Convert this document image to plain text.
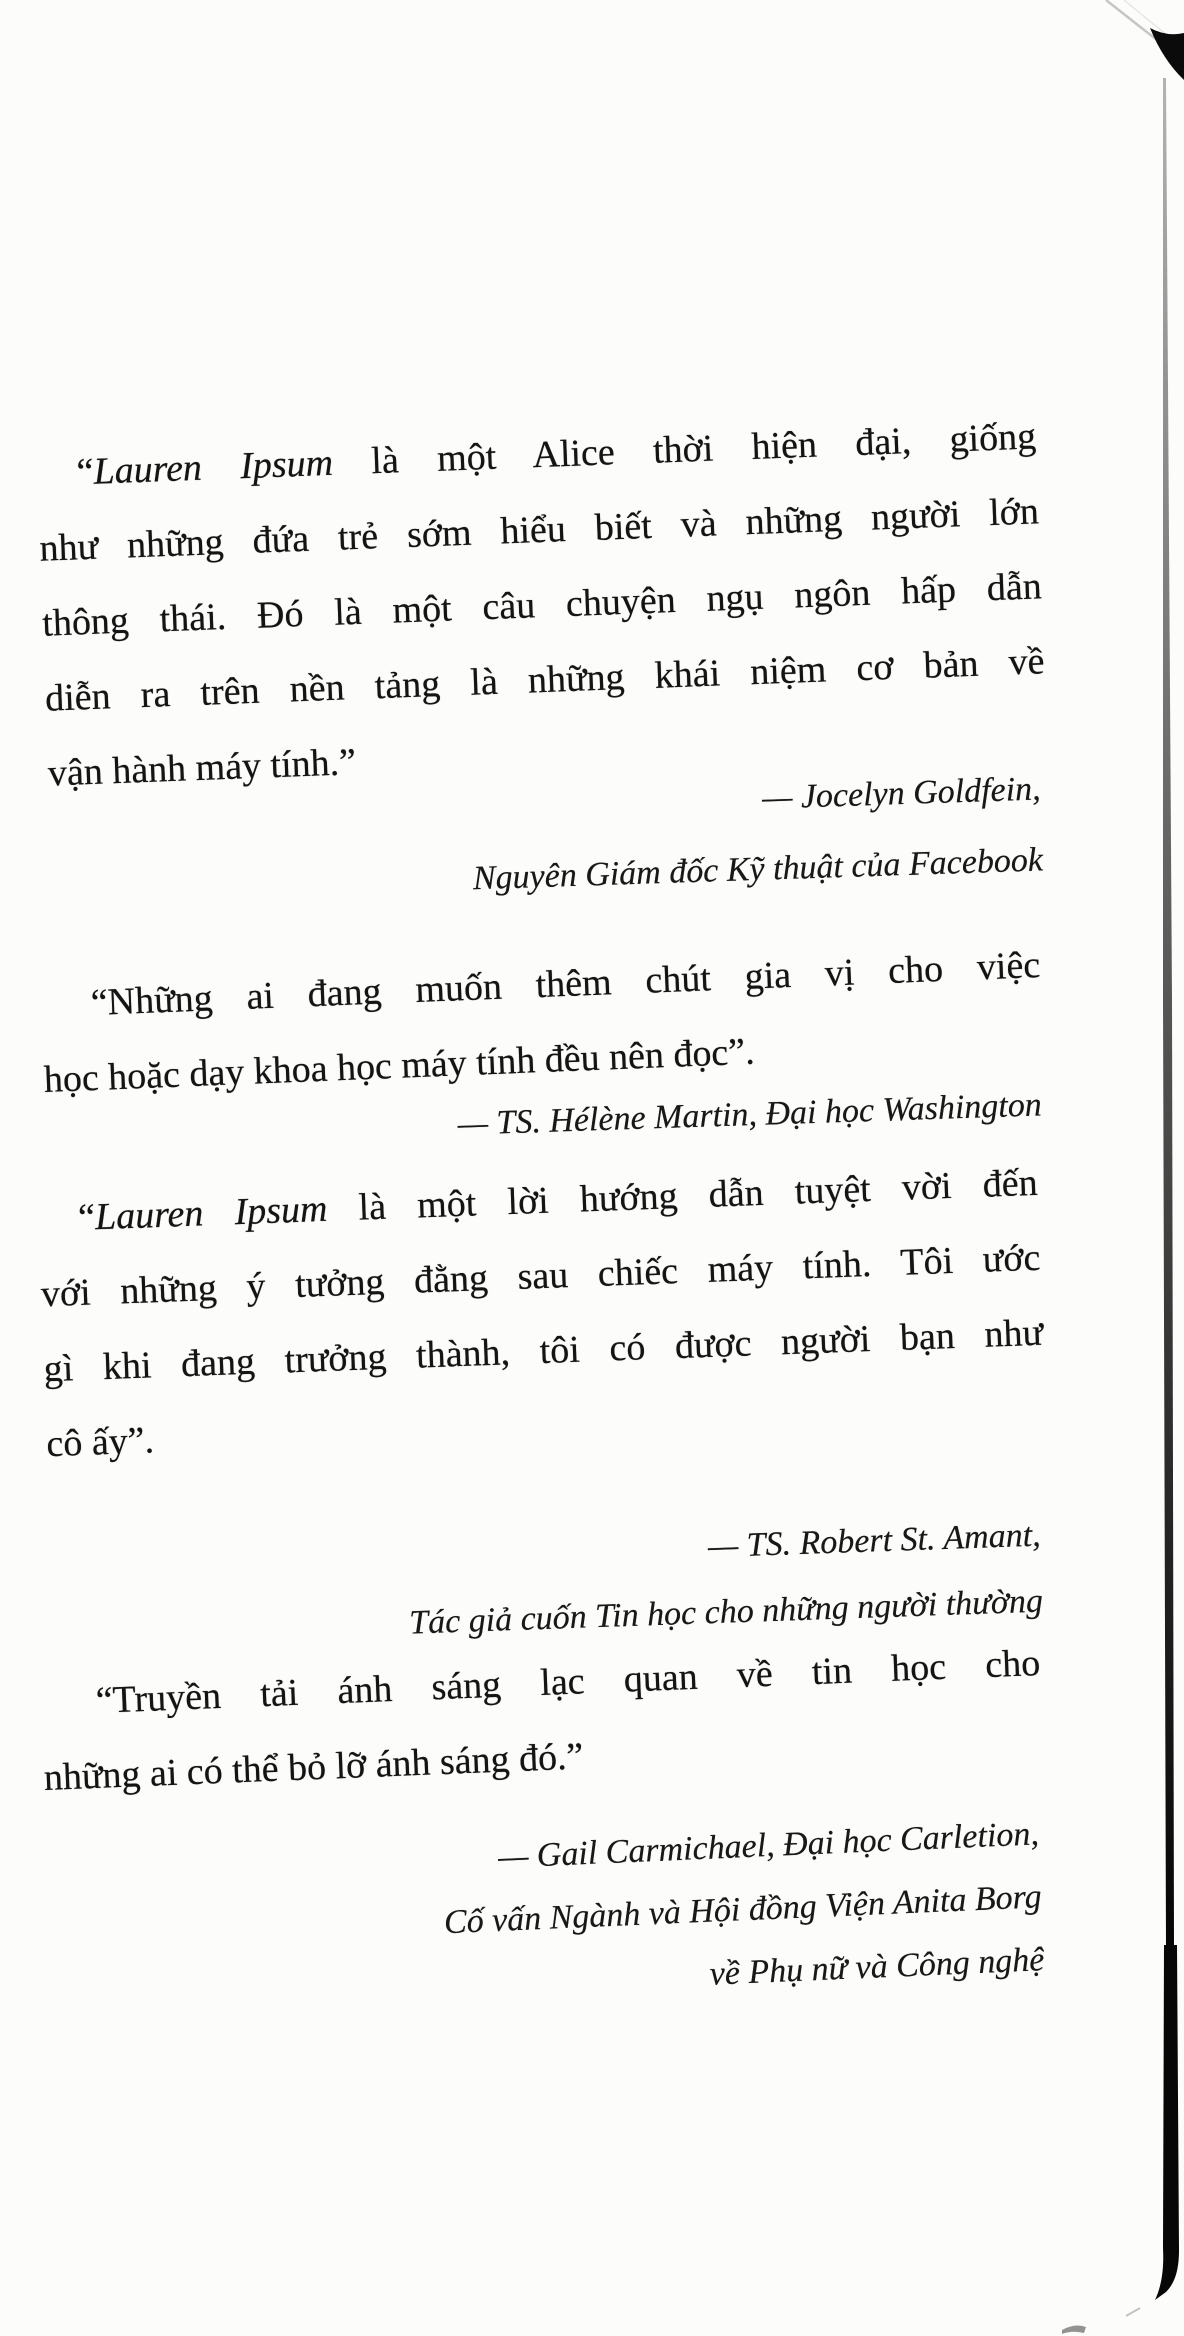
“Lauren Ipsum là một Alice thời hiện đại, giống
như những đứa trẻ sớm hiểu biết và những người lớn
thông thái. Đó là một câu chuyện ngụ ngôn hấp dẫn
diễn ra trên nền tảng là những khái niệm cơ bản về
vận hành máy tính.”	— Jocelyn Goldfein,
Nguyên Giám đốc Kỹ thuật của Facebook
“Những ai đang muốn thêm chút gia vị cho việc
học hoặc dạy khoa học máy tính đều nên đọc”.
— TS. Hélène Martin, Đại học Washington
“Lauren Ipsum là một lời hướng dẫn tuyệt vời đến
với những ý tưởng đằng sau chiếc máy tính. Tôi ước
gì khi đang trưởng thành, tôi có được người bạn như
cô ấy”.
— TS. Robert St. Amant,
Tác giả cuốn Tin học cho những người thường
“Truyền tải ánh sáng lạc quan về tin học cho
những ai có thể bỏ lỡ ánh sáng đó.”
— Gail Carmichael, Đại học Carletion,
Cố vấn Ngành và Hội đồng Viện Anita Borg
về Phụ nữ và Công nghệ
